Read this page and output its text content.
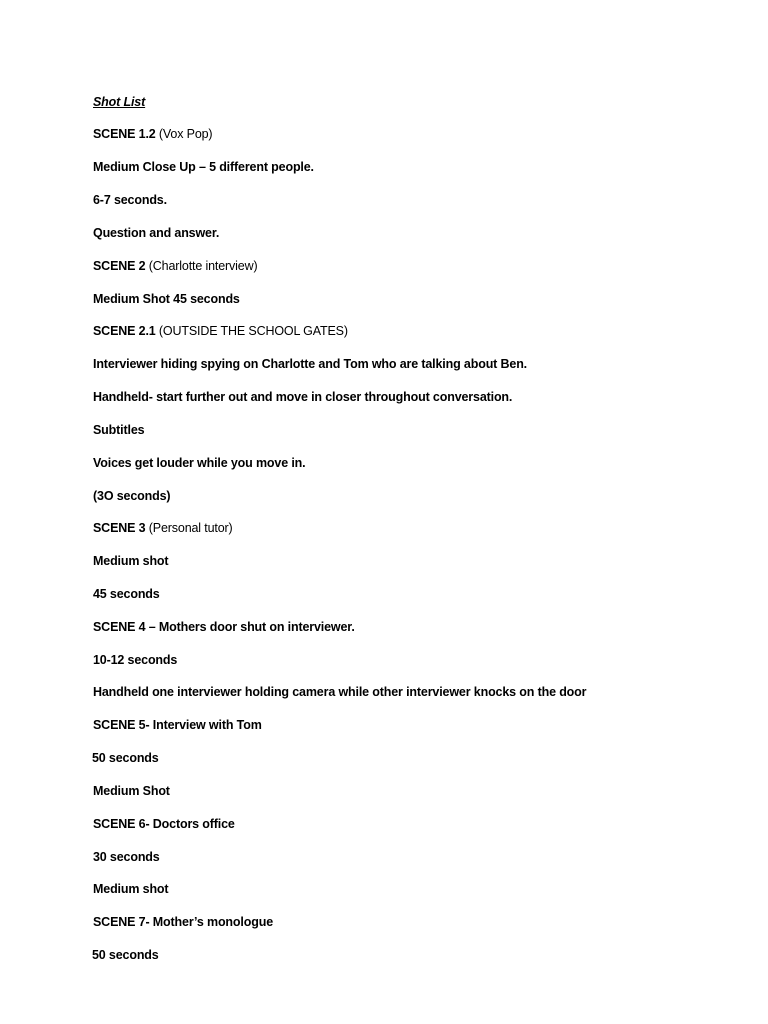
Shot List
SCENE 1.2 (Vox Pop)
Medium Close Up – 5 different people.
6-7 seconds.
Question and answer.
SCENE 2 (Charlotte interview)
Medium Shot 45 seconds
SCENE 2.1 (OUTSIDE THE SCHOOL GATES)
Interviewer hiding spying on Charlotte and Tom who are talking about Ben.
Handheld- start further out and move in closer throughout conversation.
Subtitles
Voices get louder while you move in.
(3O seconds)
SCENE 3 (Personal tutor)
Medium shot
45 seconds
SCENE 4 – Mothers door shut on interviewer.
10-12 seconds
Handheld one interviewer holding camera while other interviewer knocks on the door
SCENE 5- Interview with Tom
50 seconds
Medium Shot
SCENE 6- Doctors office
30 seconds
Medium shot
SCENE 7- Mother’s monologue
50 seconds
